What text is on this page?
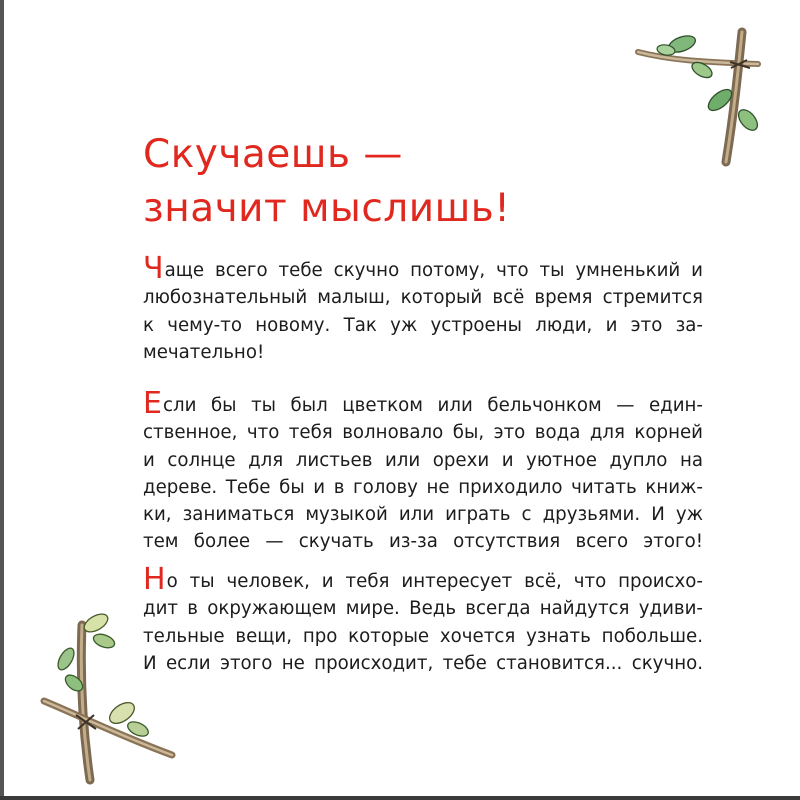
Скучаешь —
значит мыслишь!

Чаще всего тебе скучно потому, что ты умненький и
любознательный малыш, который всё время стремится
к чему-то новому. Так уж устроены люди, и это за-
мечательно!

Если бы ты был цветком или бельчонком — един-
ственное, что тебя волновало бы, это вода для корней
и солнце для листьев или орехи и уютное дупло на
дереве. Тебе бы и в голову не приходило читать книж-
ки, заниматься музыкой или играть с друзьями. И уж
тем более — скучать из-за отсутствия всего этого!

Но ты человек, и тебя интересует всё, что происхо-
дит в окружающем мире. Ведь всегда найдутся удиви-
тельные вещи, про которые хочется узнать побольше.
И если этого не происходит, тебе становится... скучно.
